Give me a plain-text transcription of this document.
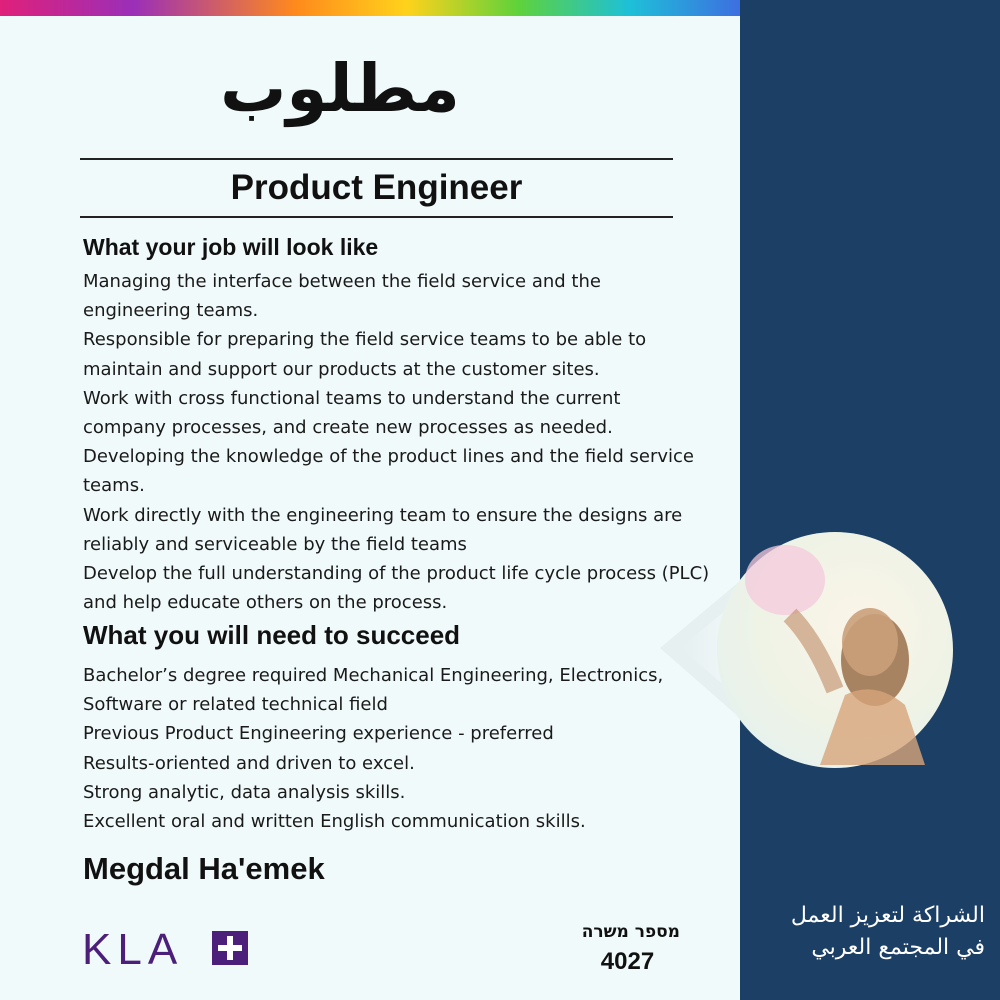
مطلوب
Product Engineer
What your job will look like
Managing the interface between the field service and the
engineering teams.
Responsible for preparing the field service teams to be able to
maintain and support our products at the customer sites.
Work with cross functional teams to understand the current
company processes, and create new processes as needed.
Developing the knowledge of the product lines and the field service
teams.
Work directly with the engineering team to ensure the designs are
reliably and serviceable by the field teams
Develop the full understanding of the product life cycle process (PLC)
and help educate others on the process.
What you will need to succeed
Bachelor’s degree required Mechanical Engineering, Electronics,
Software or related technical field
Previous Product Engineering experience - preferred
Results-oriented and driven to excel.
Strong analytic, data analysis skills.
Excellent oral and written English communication skills.
Megdal Ha'emek
KLA	מספר משרה
4027
الشراكة لتعزيز العمل
في المجتمع العربي
